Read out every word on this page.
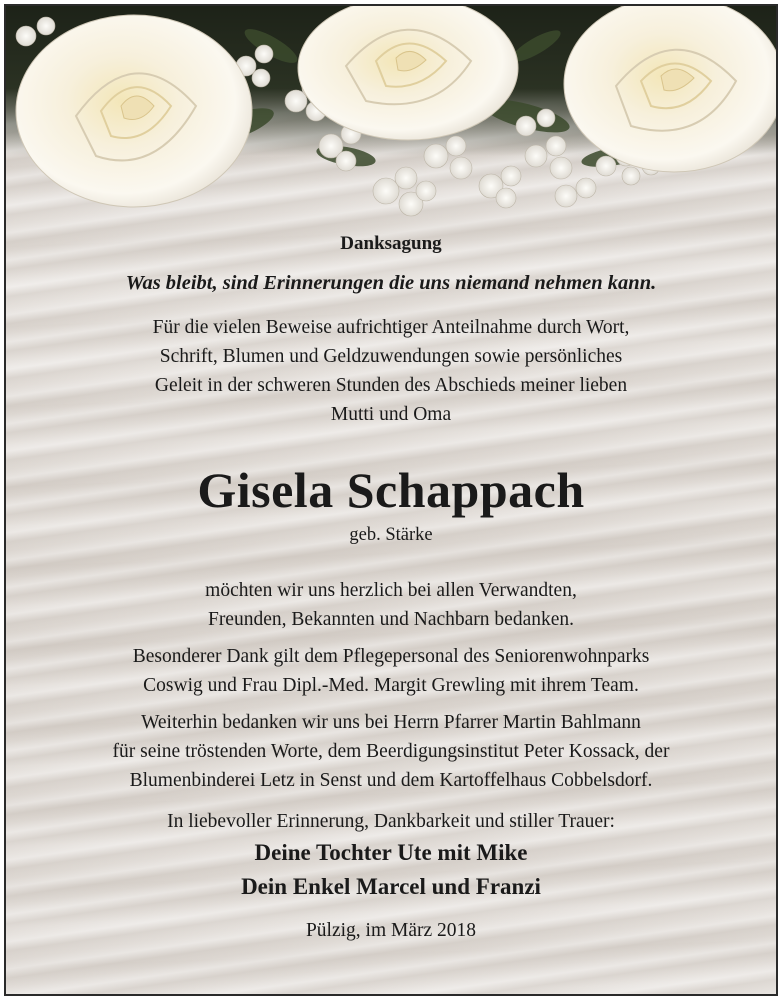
Danksagung

Was bleibt, sind Erinnerungen die uns niemand nehmen kann.

Für die vielen Beweise aufrichtiger Anteilnahme durch Wort,

Schrift, Blumen und Geldzuwendungen sowie persönliches

Geleit in der schweren Stunden des Abschieds meiner lieben

Mutti und Oma

Gisela Schappach

geb. Stärke

möchten wir uns herzlich bei allen Verwandten,

Freunden, Bekannten und Nachbarn bedanken.

Besonderer Dank gilt dem Pflegepersonal des Seniorenwohnparks

Coswig und Frau Dipl.-Med. Margit Grewling mit ihrem Team.

Weiterhin bedanken wir uns bei Herrn Pfarrer Martin Bahlmann

für seine tröstenden Worte, dem Beerdigungsinstitut Peter Kossack, der

Blumenbinderei Letz in Senst und dem Kartoffelhaus Cobbelsdorf.

In liebevoller Erinnerung, Dankbarkeit und stiller Trauer:

Deine Tochter Ute mit Mike

Dein Enkel Marcel und Franzi

Pülzig, im März 2018
